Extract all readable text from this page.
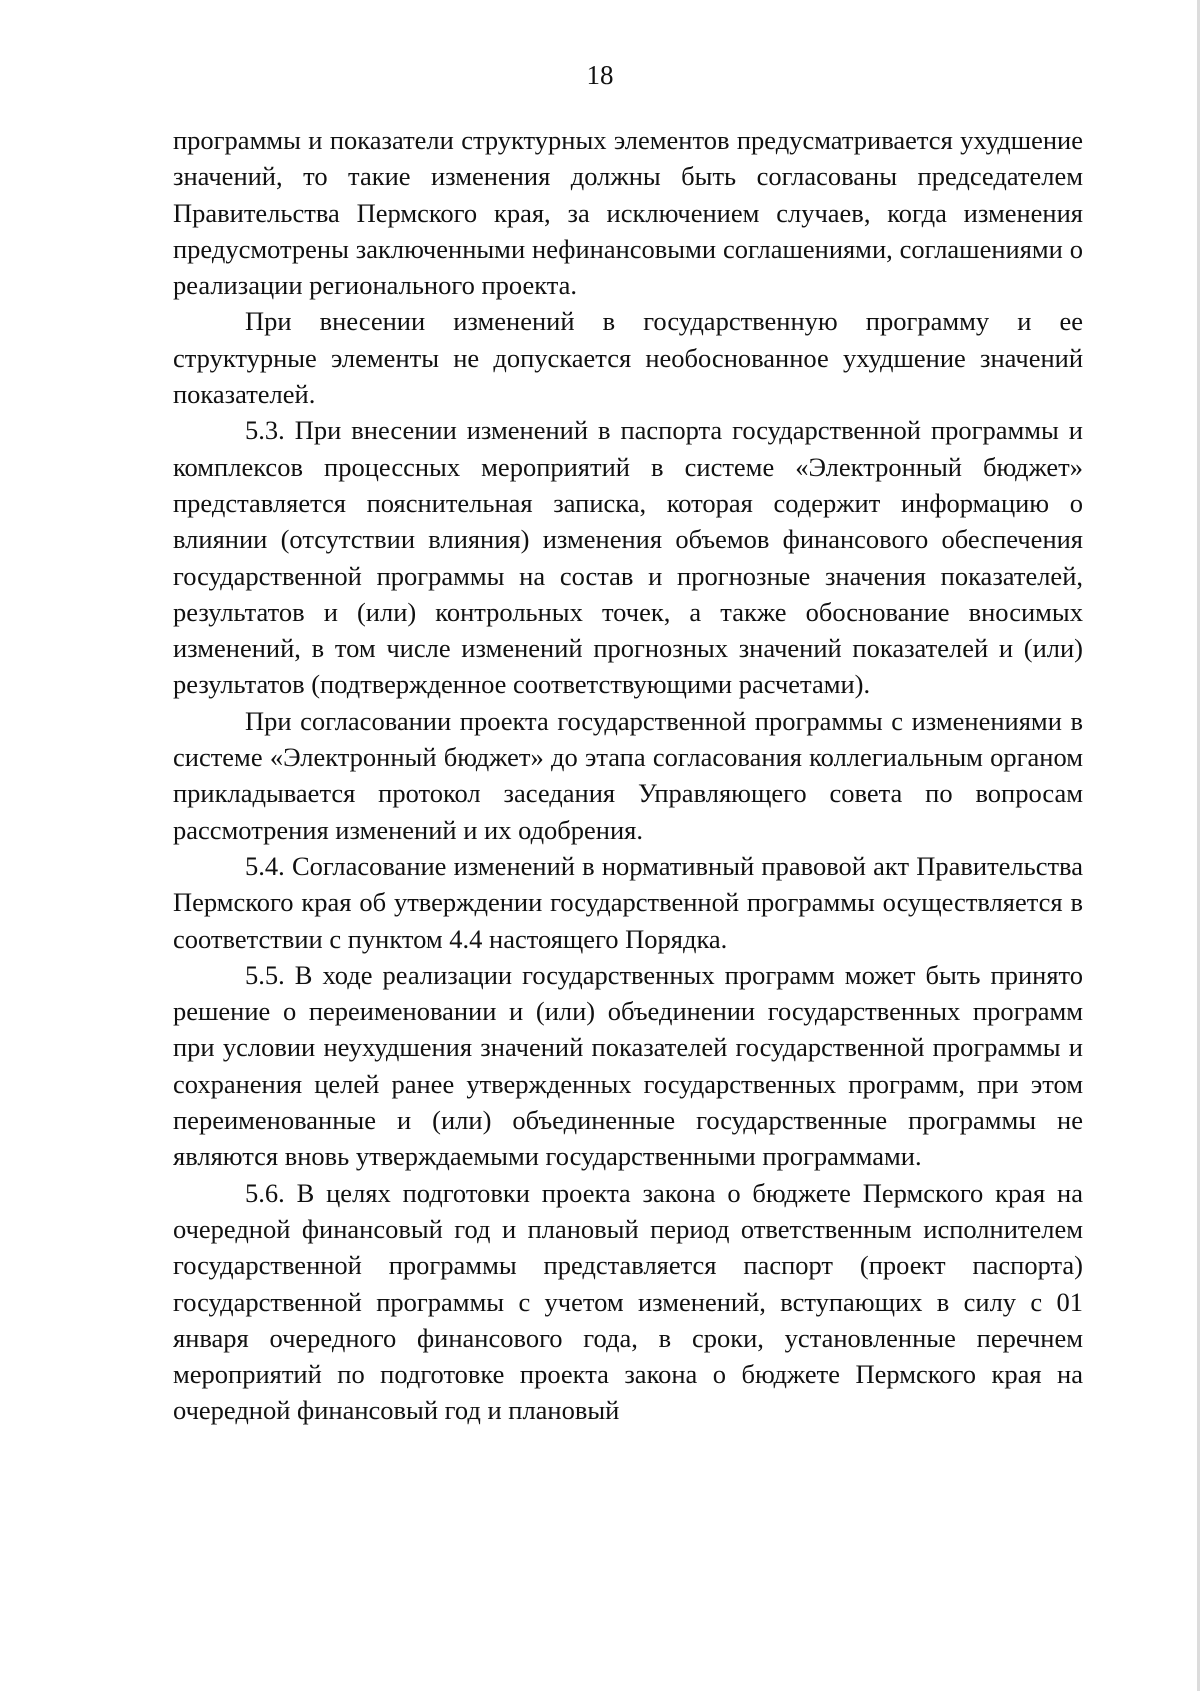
18

программы и показатели структурных элементов предусматривается ухудшение значений, то такие изменения должны быть согласованы председателем Правительства Пермского края, за исключением случаев, когда изменения предусмотрены заключенными нефинансовыми соглашениями, соглашениями о реализации регионального проекта.

При внесении изменений в государственную программу и ее структурные элементы не допускается необоснованное ухудшение значений показателей.

5.3. При внесении изменений в паспорта государственной программы и комплексов процессных мероприятий в системе «Электронный бюджет» представляется пояснительная записка, которая содержит информацию о влиянии (отсутствии влияния) изменения объемов финансового обеспечения государственной программы на состав и прогнозные значения показателей, результатов и (или) контрольных точек, а также обоснование вносимых изменений, в том числе изменений прогнозных значений показателей и (или) результатов (подтвержденное соответствующими расчетами).

При согласовании проекта государственной программы с изменениями в системе «Электронный бюджет» до этапа согласования коллегиальным органом прикладывается протокол заседания Управляющего совета по вопросам рассмотрения изменений и их одобрения.

5.4. Согласование изменений в нормативный правовой акт Правительства Пермского края об утверждении государственной программы осуществляется в соответствии с пунктом 4.4 настоящего Порядка.

5.5. В ходе реализации государственных программ может быть принято решение о переименовании и (или) объединении государственных программ при условии неухудшения значений показателей государственной программы и сохранения целей ранее утвержденных государственных программ, при этом переименованные и (или) объединенные государственные программы не являются вновь утверждаемыми государственными программами.

5.6. В целях подготовки проекта закона о бюджете Пермского края на очередной финансовый год и плановый период ответственным исполнителем государственной программы представляется паспорт (проект паспорта) государственной программы с учетом изменений, вступающих в силу с 01 января очередного финансового года, в сроки, установленные перечнем мероприятий по подготовке проекта закона о бюджете Пермского края на очередной финансовый год и плановый
